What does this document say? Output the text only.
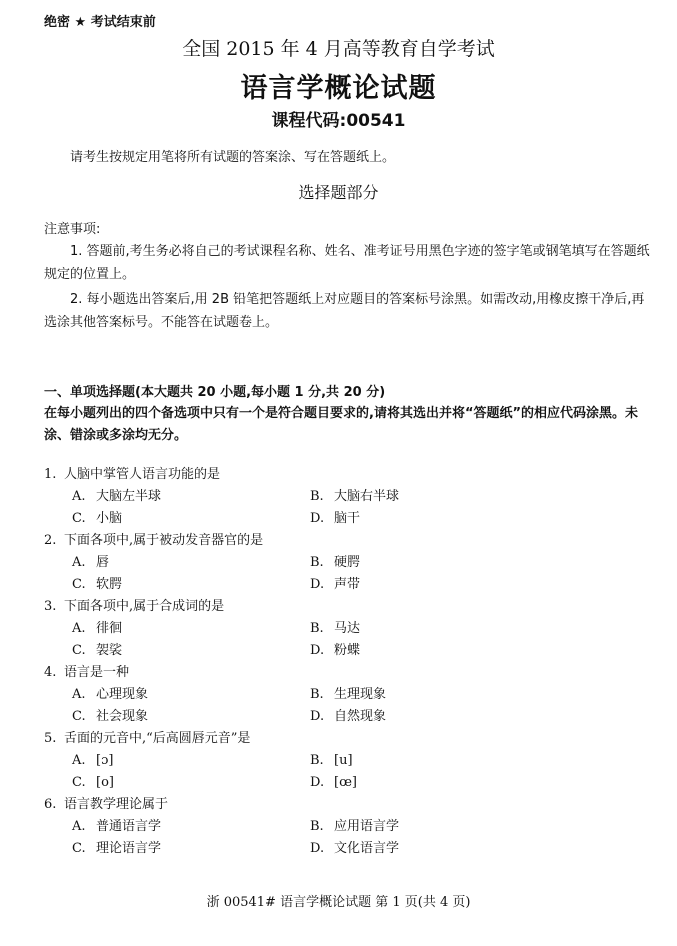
绝密 ★ 考试结束前
全国 2015 年 4 月高等教育自学考试
语言学概论试题
课程代码:00541
请考生按规定用笔将所有试题的答案涂、写在答题纸上。
选择题部分
注意事项:
1. 答题前,考生务必将自己的考试课程名称、姓名、准考证号用黑色字迹的签字笔或钢笔填写在答题纸规定的位置上。
2. 每小题选出答案后,用 2B 铅笔把答题纸上对应题目的答案标号涂黑。如需改动,用橡皮擦干净后,再选涂其他答案标号。不能答在试题卷上。
一、单项选择题(本大题共 20 小题,每小题 1 分,共 20 分)
在每小题列出的四个备选项中只有一个是符合题目要求的,请将其选出并将“答题纸”的相应代码涂黑。未涂、错涂或多涂均无分。
1. 人脑中掌管人语言功能的是
A. 大脑左半球	B. 大脑右半球
C. 小脑	D. 脑干
2. 下面各项中,属于被动发音器官的是
A. 唇	B. 硬腭
C. 软腭	D. 声带
3. 下面各项中,属于合成词的是
A. 徘徊	B. 马达
C. 袈裟	D. 粉蝶
4. 语言是一种
A. 心理现象	B. 生理现象
C. 社会现象	D. 自然现象
5. 舌面的元音中,“后高圆唇元音”是
A. [ɔ]	B. [u]
C. [o]	D. [œ]
6. 语言教学理论属于
A. 普通语言学	B. 应用语言学
C. 理论语言学	D. 文化语言学
浙 00541# 语言学概论试题 第 1 页(共 4 页)
